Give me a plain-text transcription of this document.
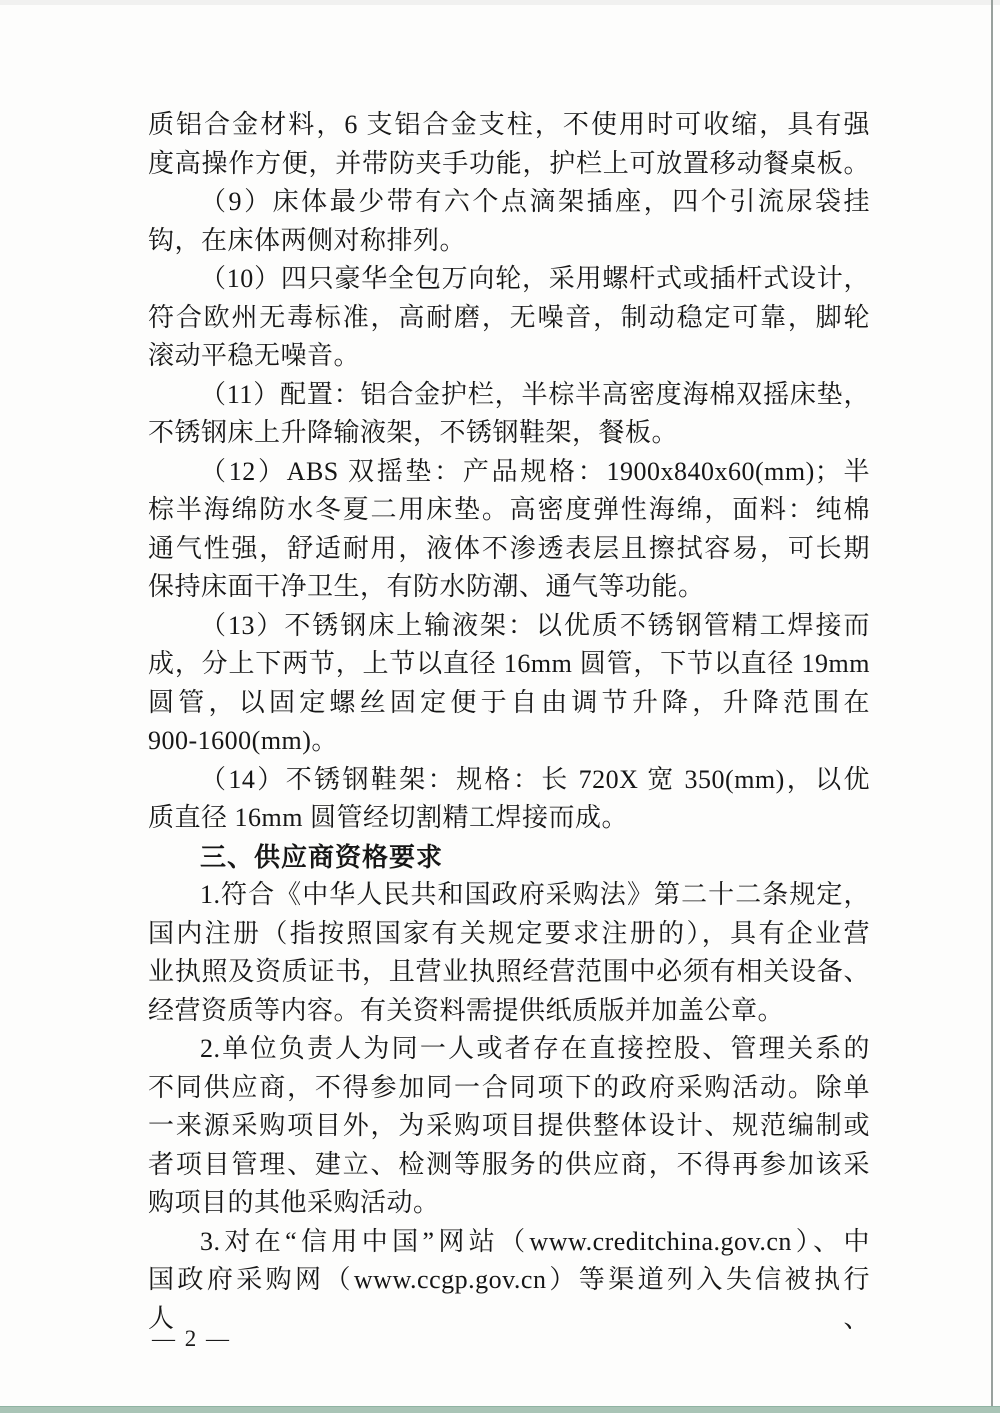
质铝合金材料，6 支铝合金支柱，不使用时可收缩，具有强
度高操作方便，并带防夹手功能，护栏上可放置移动餐桌板。
（9）床体最少带有六个点滴架插座，四个引流尿袋挂
钩，在床体两侧对称排列。
（10）四只豪华全包万向轮，采用螺杆式或插杆式设计，
符合欧州无毒标准，高耐磨，无噪音，制动稳定可靠，脚轮
滚动平稳无噪音。
（11）配置：铝合金护栏，半棕半高密度海棉双摇床垫，
不锈钢床上升降输液架，不锈钢鞋架，餐板。
（12）ABS 双摇垫：产品规格：1900x840x60(mm)；半
棕半海绵防水冬夏二用床垫。高密度弹性海绵，面料：纯棉
通气性强，舒适耐用，液体不渗透表层且擦拭容易，可长期
保持床面干净卫生，有防水防潮、通气等功能。
（13）不锈钢床上输液架：以优质不锈钢管精工焊接而
成，分上下两节，上节以直径 16mm 圆管，下节以直径 19mm
圆管，以固定螺丝固定便于自由调节升降，升降范围在
900-1600(mm)。
（14）不锈钢鞋架：规格：长 720X 宽 350(mm)，以优
质直径 16mm 圆管经切割精工焊接而成。
三、供应商资格要求
1.符合《中华人民共和国政府采购法》第二十二条规定，
国内注册（指按照国家有关规定要求注册的），具有企业营
业执照及资质证书，且营业执照经营范围中必须有相关设备、
经营资质等内容。有关资料需提供纸质版并加盖公章。
2.单位负责人为同一人或者存在直接控股、管理关系的
不同供应商，不得参加同一合同项下的政府采购活动。除单
一来源采购项目外，为采购项目提供整体设计、规范编制或
者项目管理、建立、检测等服务的供应商，不得再参加该采
购项目的其他采购活动。
3.对在“信用中国”网站（www.creditchina.gov.cn）、中
国政府采购网（www.ccgp.gov.cn）等渠道列入失信被执行人、
— 2 —
